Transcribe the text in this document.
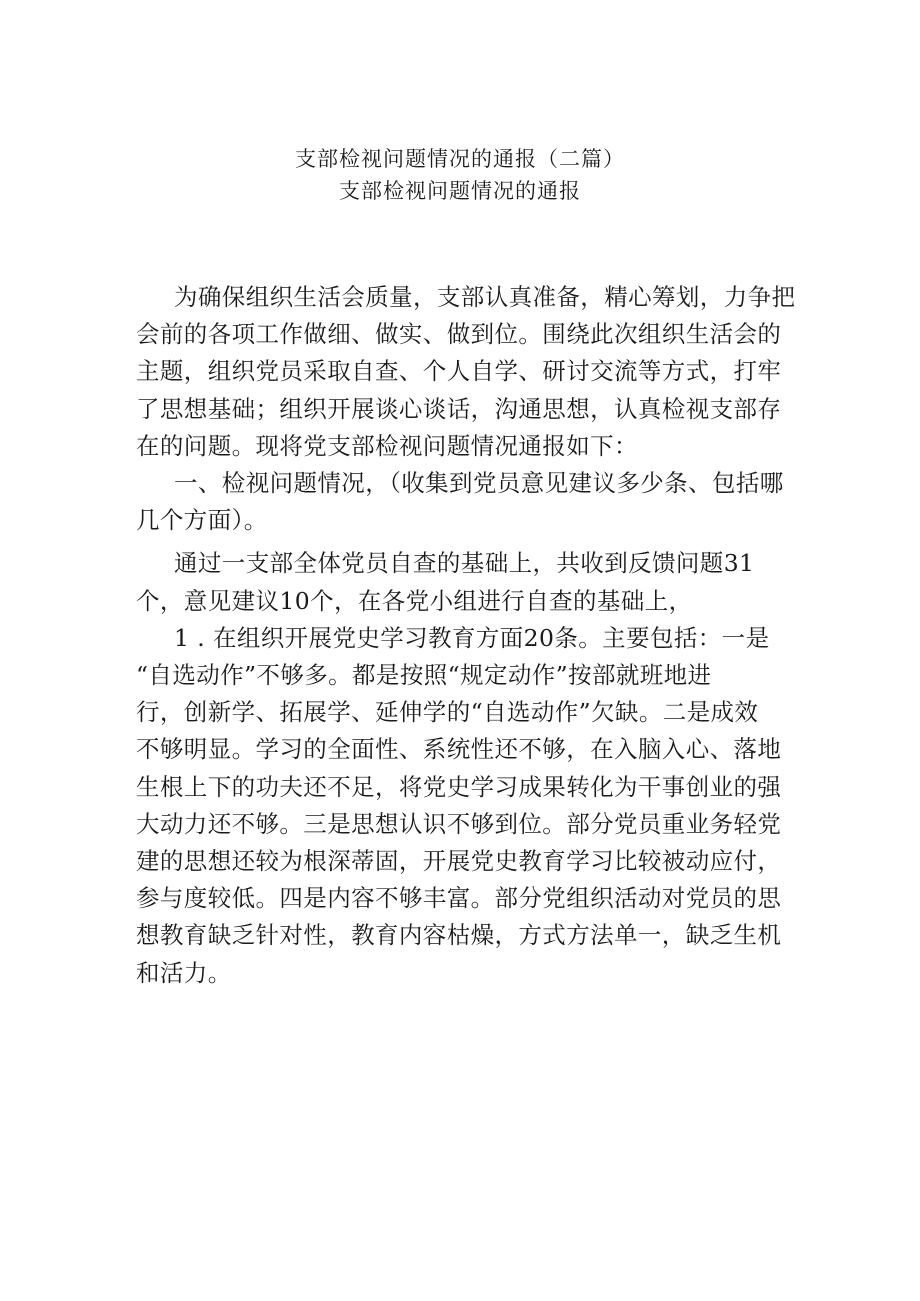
支部检视问题情况的通报（二篇）

支部检视问题情况的通报

为确保组织生活会质量，支部认真准备，精心筹划，力争把
会前的各项工作做细、做实、做到位。围绕此次组织生活会的
主题，组织党员采取自查、个人自学、研讨交流等方式，打牢
了思想基础；组织开展谈心谈话，沟通思想，认真检视支部存
在的问题。现将党支部检视问题情况通报如下：
一、检视问题情况，（收集到党员意见建议多少条、包括哪
几个方面）。
通过一支部全体党员自查的基础上，共收到反馈问题31
个，意见建议10个，在各党小组进行自查的基础上，
1 . 在组织开展党史学习教育方面20条。主要包括：一是
“自选动作”不够多。都是按照“规定动作”按部就班地进
行，创新学、拓展学、延伸学的“自选动作”欠缺。二是成效
不够明显。学习的全面性、系统性还不够，在入脑入心、落地
生根上下的功夫还不足，将党史学习成果转化为干事创业的强
大动力还不够。三是思想认识不够到位。部分党员重业务轻党
建的思想还较为根深蒂固，开展党史教育学习比较被动应付，
参与度较低。四是内容不够丰富。部分党组织活动对党员的思
想教育缺乏针对性，教育内容枯燥，方式方法单一，缺乏生机
和活力。
